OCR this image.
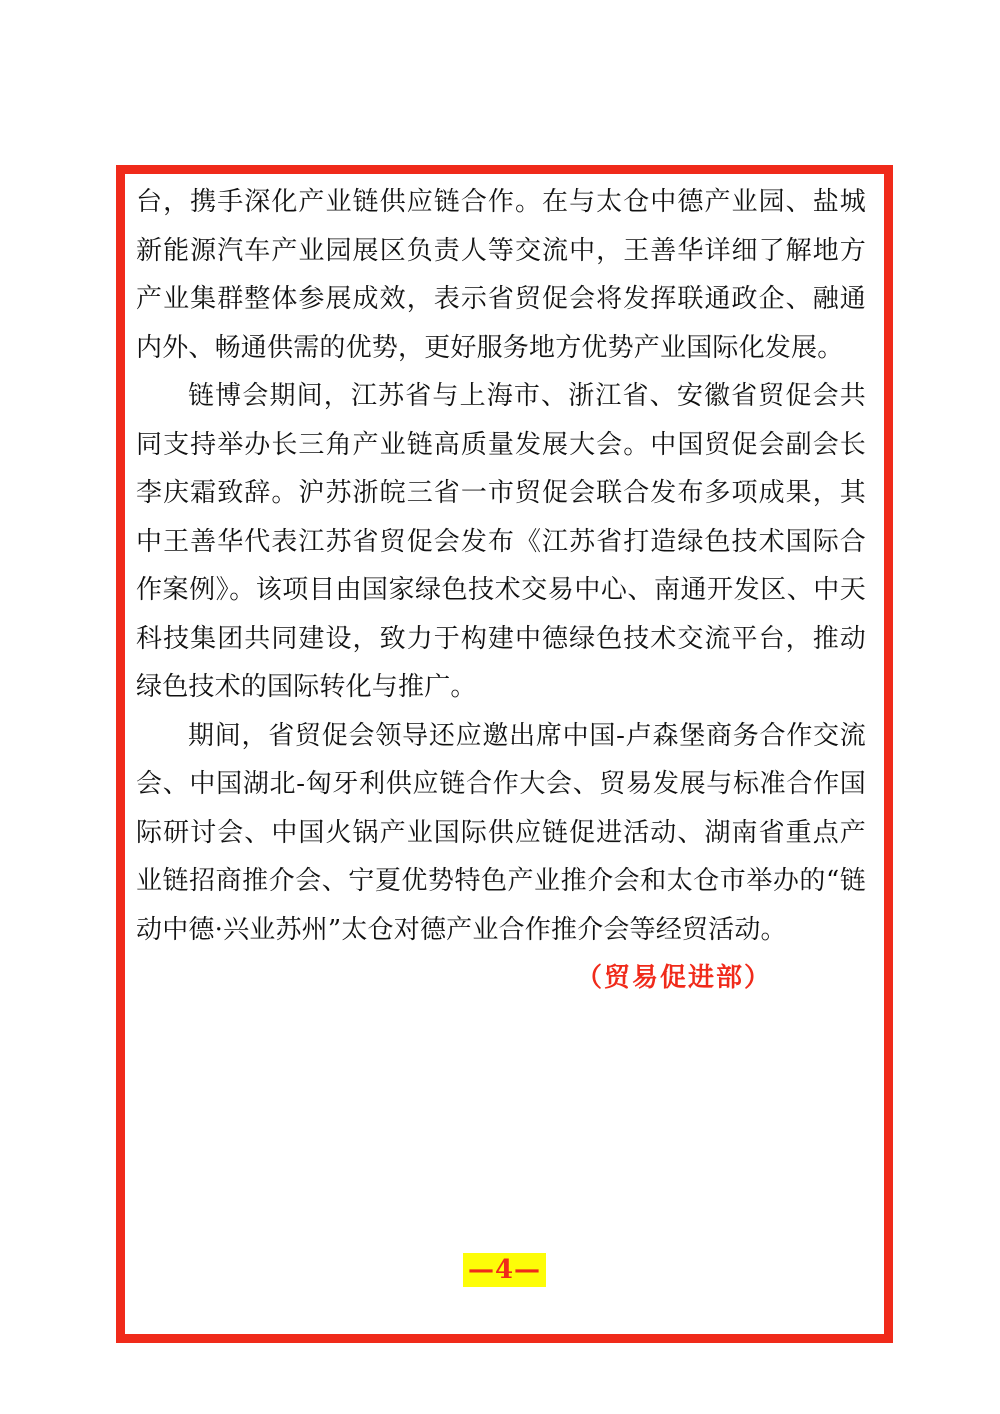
台，携手深化产业链供应链合作。在与太仓中德产业园、盐城新能源汽车产业园展区负责人等交流中，王善华详细了解地方产业集群整体参展成效，表示省贸促会将发挥联通政企、融通内外、畅通供需的优势，更好服务地方优势产业国际化发展。

链博会期间，江苏省与上海市、浙江省、安徽省贸促会共同支持举办长三角产业链高质量发展大会。中国贸促会副会长李庆霜致辞。沪苏浙皖三省一市贸促会联合发布多项成果，其中王善华代表江苏省贸促会发布《江苏省打造绿色技术国际合作案例》。该项目由国家绿色技术交易中心、南通开发区、中天科技集团共同建设，致力于构建中德绿色技术交流平台，推动绿色技术的国际转化与推广。

期间，省贸促会领导还应邀出席中国-卢森堡商务合作交流会、中国湖北-匈牙利供应链合作大会、贸易发展与标准合作国际研讨会、中国火锅产业国际供应链促进活动、湖南省重点产业链招商推介会、宁夏优势特色产业推介会和太仓市举办的“链动中德·兴业苏州”太仓对德产业合作推介会等经贸活动。

（贸易促进部）
—4—
